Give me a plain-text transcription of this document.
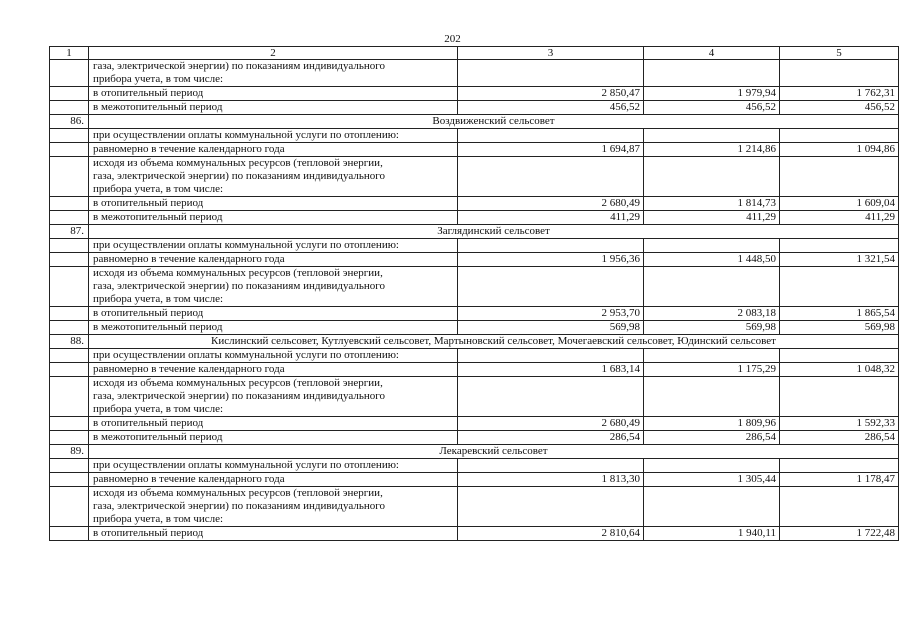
202
1	2	3	4	5

	газа, электрической энергии) по показаниям индивидуального
прибора учета, в том числе:			

	в отопительный период	2 850,47	1 979,94	1 762,31
	в межотопительный период	456,52	456,52	456,52
86.	Воздвиженский сельсовет			

	при осуществлении оплаты коммунальной услуги по отоплению:			

	равномерно в течение календарного года	1 694,87	1 214,86	1 094,86

	исходя из объема коммунальных ресурсов (тепловой энергии,
газа, электрической энергии) по показаниям индивидуального
прибора учета, в том числе:			

	в отопительный период	2 680,49	1 814,73	1 609,04
	в межотопительный период	411,29	411,29	411,29
87.	Заглядинский сельсовет			

	при осуществлении оплаты коммунальной услуги по отоплению:			

	равномерно в течение календарного года	1 956,36	1 448,50	1 321,54

	исходя из объема коммунальных ресурсов (тепловой энергии,
газа, электрической энергии) по показаниям индивидуального
прибора учета, в том числе:			

	в отопительный период	2 953,70	2 083,18	1 865,54
	в межотопительный период	569,98	569,98	569,98
88.	Кислинский сельсовет, Кутлуевский сельсовет, Мартыновский сельсовет, Мочегаевский сельсовет, Юдинский сельсовет			

	при осуществлении оплаты коммунальной услуги по отоплению:			

	равномерно в течение календарного года	1 683,14	1 175,29	1 048,32

	исходя из объема коммунальных ресурсов (тепловой энергии,
газа, электрической энергии) по показаниям индивидуального
прибора учета, в том числе:			

	в отопительный период	2 680,49	1 809,96	1 592,33
	в межотопительный период	286,54	286,54	286,54
89.	Лекаревский сельсовет			

	при осуществлении оплаты коммунальной услуги по отоплению:			

	равномерно в течение календарного года	1 813,30	1 305,44	1 178,47

	исходя из объема коммунальных ресурсов (тепловой энергии,
газа, электрической энергии) по показаниям индивидуального
прибора учета, в том числе:			

	в отопительный период	2 810,64	1 940,11	1 722,48
